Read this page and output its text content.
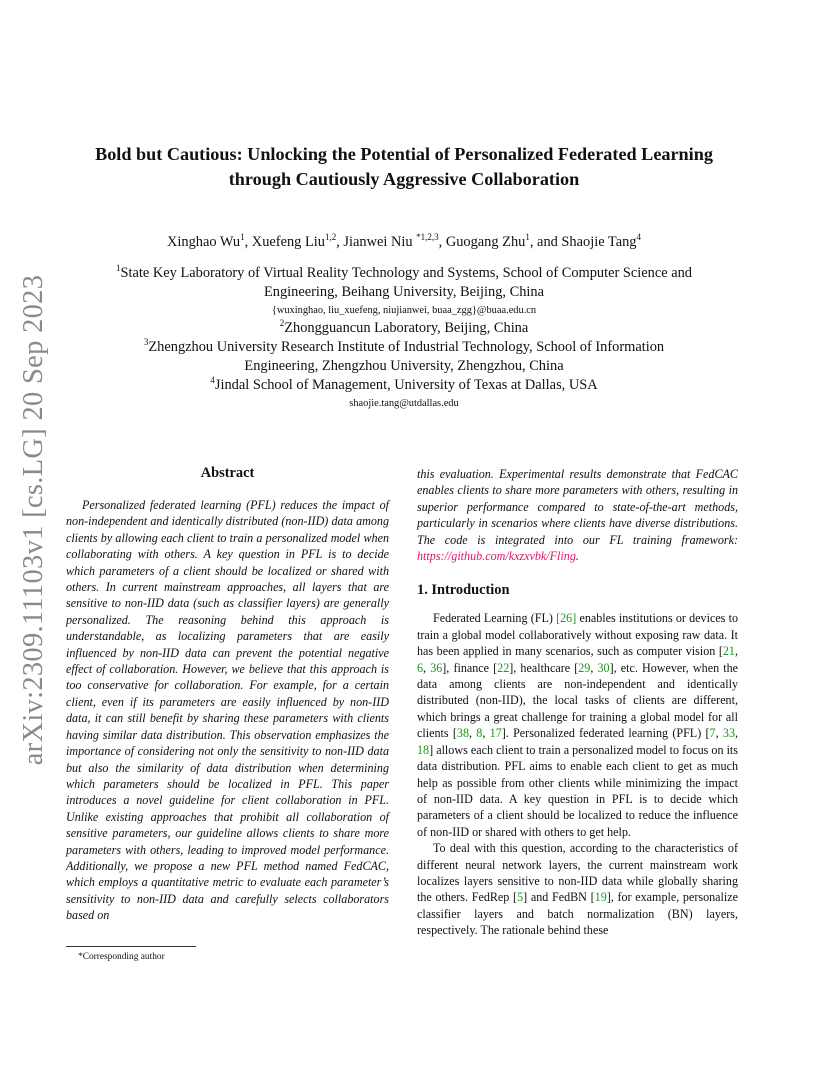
arXiv:2309.11103v1 [cs.LG] 20 Sep 2023
Bold but Cautious: Unlocking the Potential of Personalized Federated Learning
through Cautiously Aggressive Collaboration
Xinghao Wu$^1$, Xuefeng Liu$^{1,2}$, Jianwei Niu $^{*1,2,3}$, Guogang Zhu$^1$, and Shaojie Tang$^4$

$^1$State Key Laboratory of Virtual Reality Technology and Systems, School of Computer Science and

Engineering, Beihang University, Beijing, China

{wuxinghao, liu_xuefeng, niujianwei, buaa_zgg}@buaa.edu.cn

$^2$Zhongguancun Laboratory, Beijing, China

$^3$Zhengzhou University Research Institute of Industrial Technology, School of Information

Engineering, Zhengzhou University, Zhengzhou, China

$^4$Jindal School of Management, University of Texas at Dallas, USA

shaojie.tang@utdallas.edu

Abstract

Personalized federated learning (PFL) reduces the impact of non-independent and identically distributed (non-IID) data among clients by allowing each client to train a personalized model when collaborating with others. A key question in PFL is to decide which parameters of a client should be localized or shared with others. In current mainstream approaches, all layers that are sensitive to non-IID data (such as classifier layers) are generally personalized. The reasoning behind this approach is understandable, as localizing parameters that are easily influenced by non-IID data can prevent the potential negative effect of collaboration. However, we believe that this approach is too conservative for collaboration. For example, for a certain client, even if its parameters are easily influenced by non-IID data, it can still benefit by sharing these parameters with clients having similar data distribution. This observation emphasizes the importance of considering not only the sensitivity to non-IID data but also the similarity of data distribution when determining which parameters should be localized in PFL. This paper introduces a novel guideline for client collaboration in PFL. Unlike existing approaches that prohibit all collaboration of sensitive parameters, our guideline allows clients to share more parameters with others, leading to improved model performance. Additionally, we propose a new PFL method named FedCAC, which employs a quantitative metric to evaluate each parameter’s sensitivity to non-IID data and carefully selects collaborators based on

this evaluation. Experimental results demonstrate that FedCAC enables clients to share more parameters with others, resulting in superior performance compared to state-of-the-art methods, particularly in scenarios where clients have diverse distributions. The code is integrated into our FL training framework: https://github.com/kxzxvbk/Fling.

1. Introduction

Federated Learning (FL) [26] enables institutions or devices to train a global model collaboratively without exposing raw data. It has been applied in many scenarios, such as computer vision [21, 6, 36], finance [22], healthcare [29, 30], etc. However, when the data among clients are non-independent and identically distributed (non-IID), the local tasks of clients are different, which brings a great challenge for training a global model for all clients [38, 8, 17]. Personalized federated learning (PFL) [7, 33, 18] allows each client to train a personalized model to focus on its data distribution. PFL aims to enable each client to get as much help as possible from other clients while minimizing the impact of non-IID data. A key question in PFL is to decide which parameters of a client should be localized to reduce the influence of non-IID or shared with others to get help.

To deal with this question, according to the characteristics of different neural network layers, the current mainstream work localizes layers sensitive to non-IID data while globally sharing the others. FedRep [5] and FedBN [19], for example, personalize classifier layers and batch normalization (BN) layers, respectively. The rationale behind these

*Corresponding author
